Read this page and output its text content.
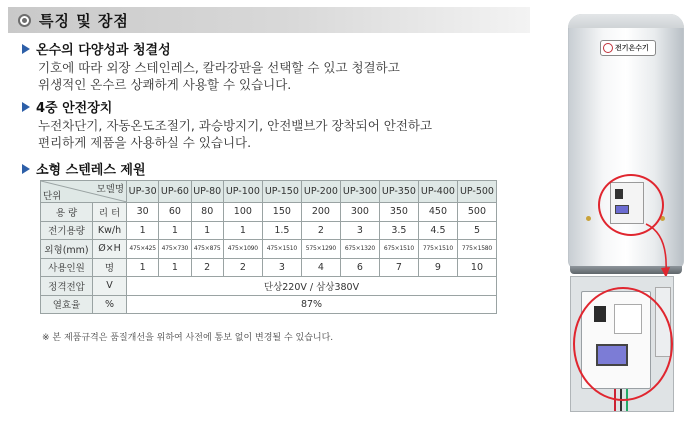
특징 및 장점
온수의 다양성과 청결성
기호에 따라 외장 스테인레스, 칼라강판을 선택할 수 있고 청결하고
위생적인 온수르 상쾌하게 사용할 수 있습니다.
4중 안전장치
누전차단기, 자동온도조절기, 과승방지기, 안전밸브가 장착되어 안전하고
편리하게 제품을 사용하실 수 있습니다.
소형 스텐레스 제원
모델명
단위		UP-30	UP-60	UP-80	UP-100	UP-150	UP-200	UP-300	UP-350	UP-400	UP-500
용 량	리 터	30	60	80	100	150	200	300	350	450	500
전기용량	Kw/h	1	1	1	1	1.5	2	3	3.5	4.5	5
외형(mm)	Ø×H	475×425	475×730	475×875	475×1090	475×1510	575×1290	675×1320	675×1510	775×1510	775×1580
사용인원	명	1	1	2	2	3	4	6	7	9	10
정격전압	V	단상220V / 삼상380V									
열효율	%	87%									
※ 본 제품규격은 품질개선을 위하여 사전에 통보 없이 변경될 수 있습니다.
전기온수기
